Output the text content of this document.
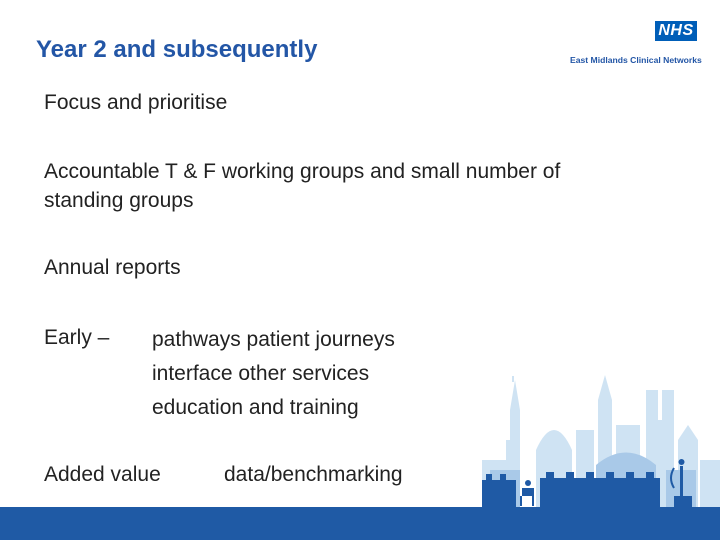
Year 2 and subsequently
NHS
East Midlands Clinical Networks
Focus and prioritise
Accountable T & F working groups and small number of
standing groups
Annual reports
Early – pathways patient journeys
interface other services
education and training
Added value	data/benchmarking
